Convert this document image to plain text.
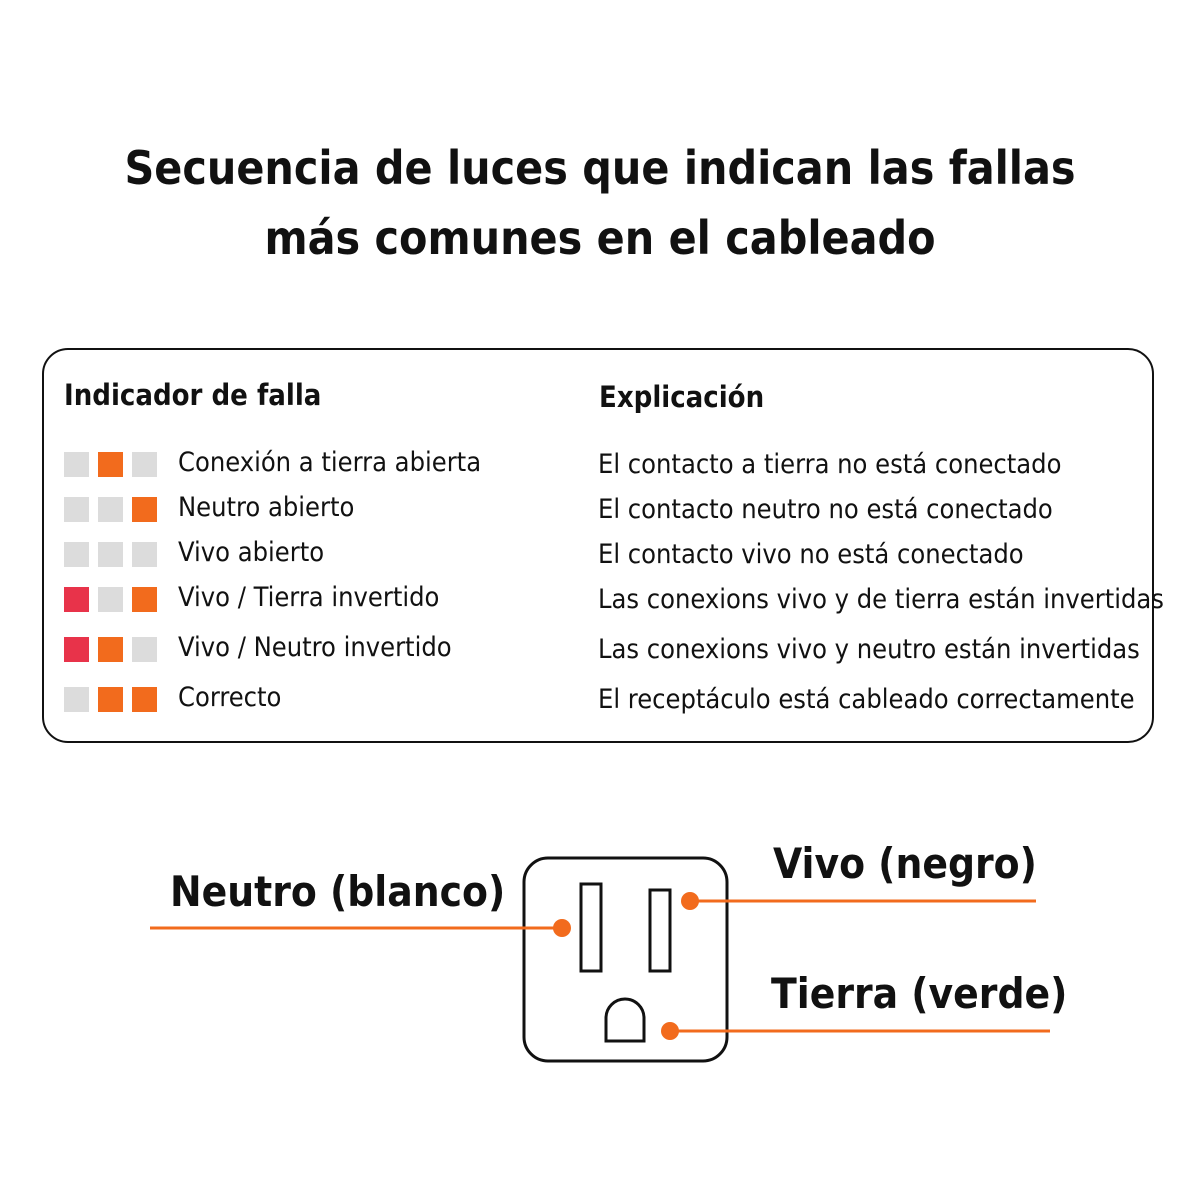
Secuencia de luces que indican las fallas
más comunes en el cableado
Indicador de falla	Explicación
Conexión a tierra abierta	El contacto a tierra no está conectado
Neutro abierto	El contacto neutro no está conectado
Vivo abierto	El contacto vivo no está conectado
Vivo / Tierra invertido	Las conexions vivo y de tierra están invertidas
Vivo / Neutro invertido	Las conexions vivo y neutro están invertidas
Correcto	El receptáculo está cableado correctamente
Neutro (blanco)
Vivo (negro)
Tierra (verde)
